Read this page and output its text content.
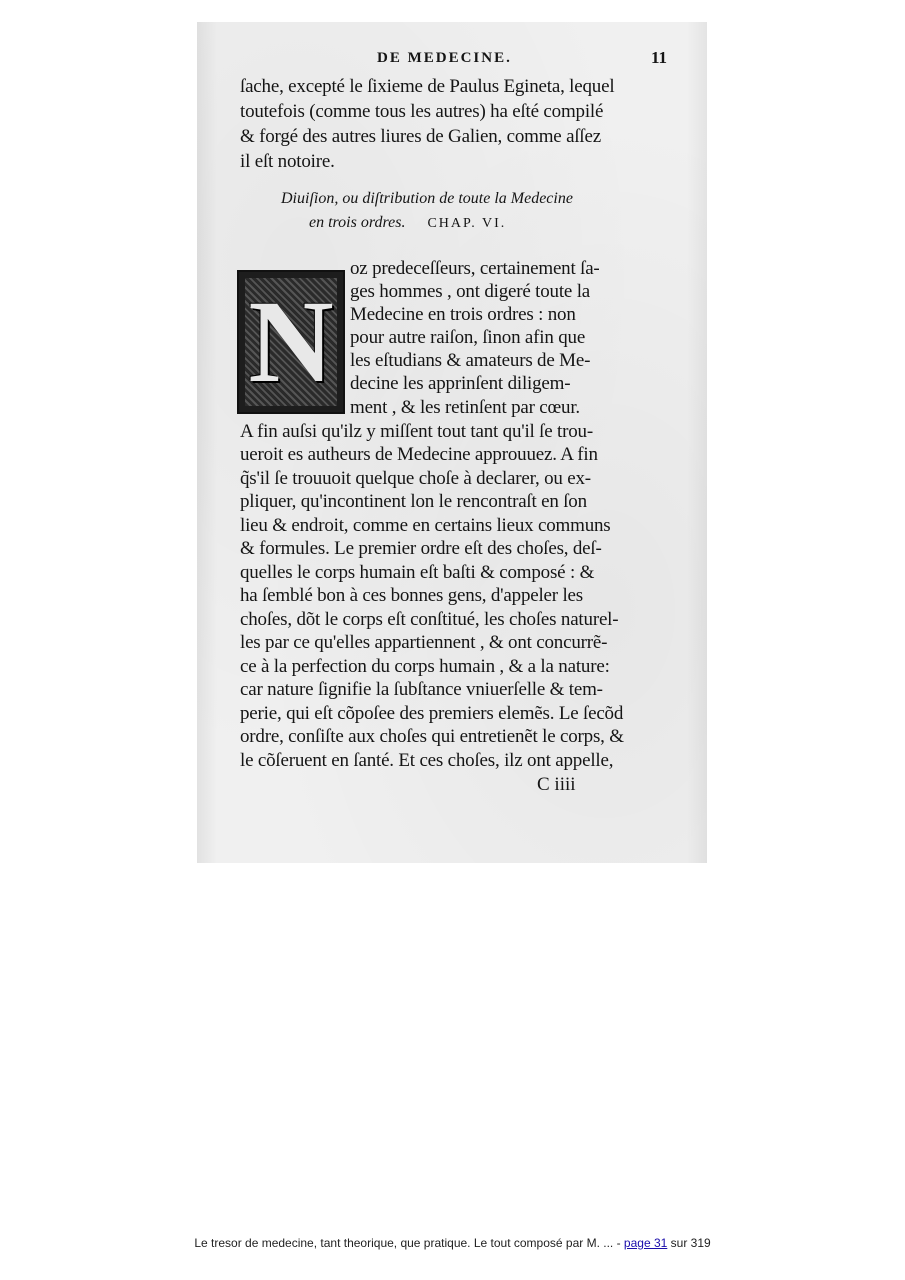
DE MEDECINE.	11
ſache, excepté le ſixieme de Paulus Egineta, lequel
toutefois (comme tous les autres) ha eſté compilé
& forgé des autres liures de Galien, comme aſſez
il eſt notoire.
Diuiſion, ou diſtribution de toute la Medecine
en trois ordres. CHAP. VI.
N
oz predeceſſeurs, certainement ſa-
ges hommes , ont digeré toute la
Medecine en trois ordres : non
pour autre raiſon, ſinon afin que
les eſtudians & amateurs de Me-
decine les apprinſent diligem-
ment , & les retinſent par cœur.
A fin auſsi qu'ilz y miſſent tout tant qu'il ſe trou-
ueroit es autheurs de Medecine approuuez. A fin
q̃s'il ſe trouuoit quelque choſe à declarer, ou ex-
pliquer, qu'incontinent lon le rencontraſt en ſon
lieu & endroit, comme en certains lieux communs
& formules. Le premier ordre eſt des choſes, deſ-
quelles le corps humain eſt baſti & composé : &
ha ſemblé bon à ces bonnes gens, d'appeler les
choſes, dõt le corps eſt conſtitué, les choſes naturel-
les par ce qu'elles appartiennent , & ont concurrẽ-
ce à la perfection du corps humain , & a la nature:
car nature ſignifie la ſubſtance vniuerſelle & tem-
perie, qui eſt cõpoſee des premiers elemẽs. Le ſecõd
ordre, conſiſte aux choſes qui entretienẽt le corps, &
le cõſeruent en ſanté. Et ces choſes, ilz ont appelle,
C iiii
Le tresor de medecine, tant theorique, que pratique. Le tout composé par M. ... - page 31 sur 319
